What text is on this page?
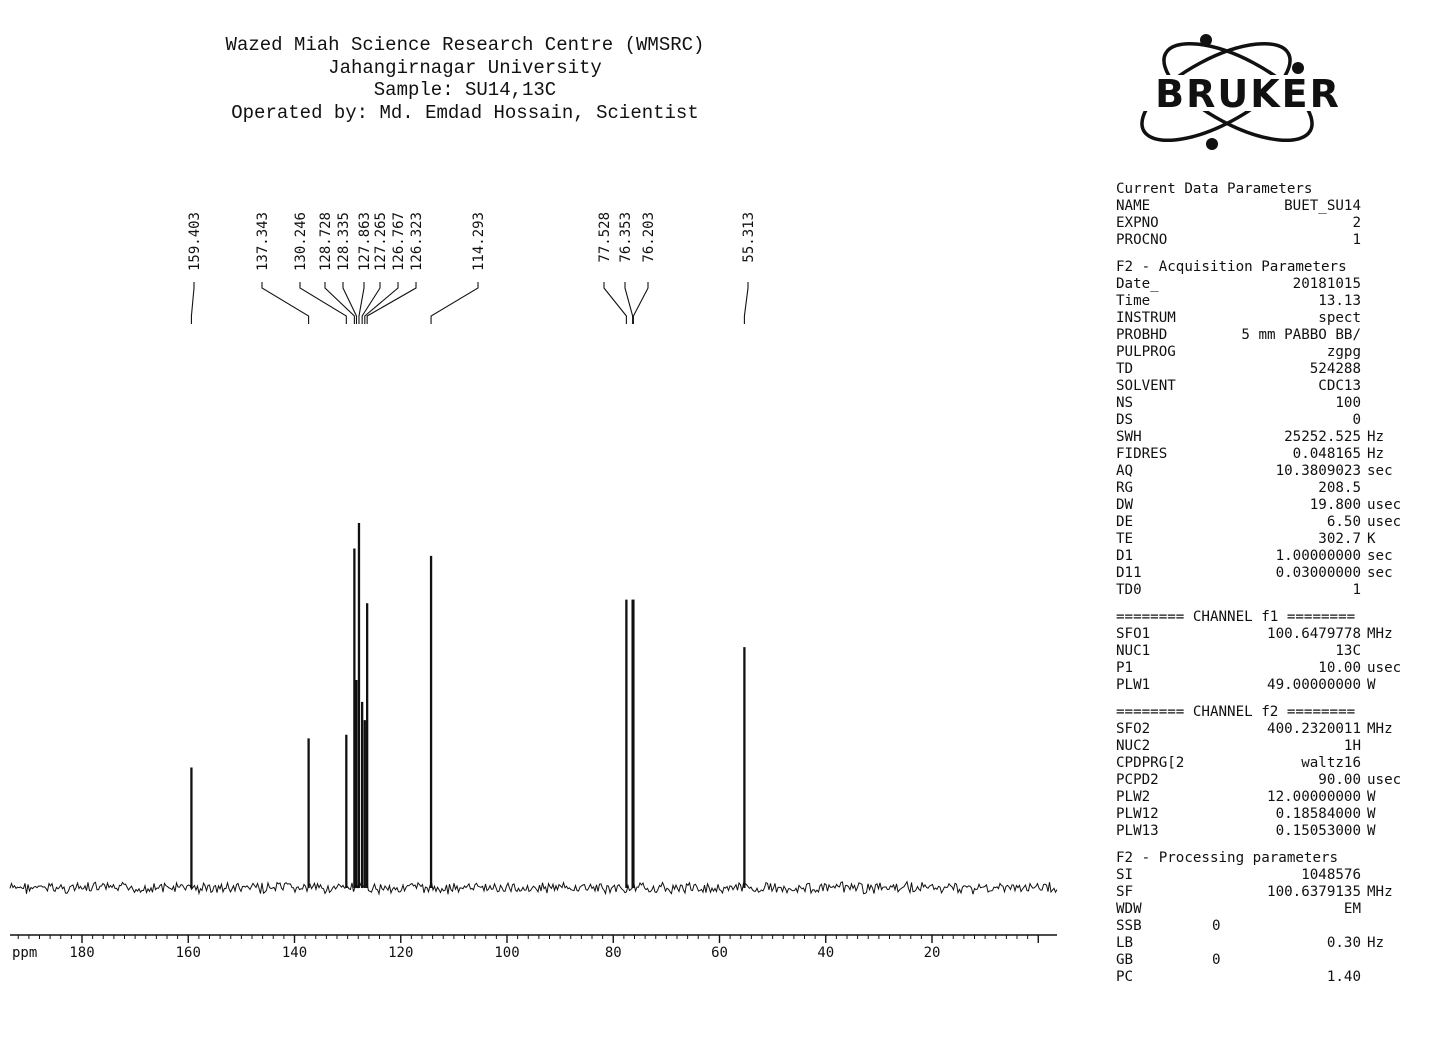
Wazed Miah Science Research Centre (WMSRC)
Jahangirnagar University
Sample: SU14,13C
Operated by: Md. Emdad Hossain, Scientist
159.403	137.343 130.246 128.728 128.335 127.863 127.265 126.767 126.323	114.293	77.528 76.353 76.203	55.313
ppm 180	160	140	120	100	80	60	40	20
BRUKER
Current Data Parameters
NAME	BUET_SU14
EXPNO	2
PROCNO	1
F2 - Acquisition Parameters
Date_	20181015
Time	13.13
INSTRUM	spect
PROBHD	5 mm PABBO BB/
PULPROG	zgpg
TD	524288
SOLVENT	CDC13
NS	100
DS	0
SWH	25252.525 Hz
FIDRES	0.048165 Hz
AQ	10.3809023 sec
RG	208.5
DW	19.800 usec
DE	6.50 usec
TE	302.7 K
D1	1.00000000 sec
D11	0.03000000 sec
TD0	1
======== CHANNEL f1 ========
SFO1	100.6479778 MHz
NUC1	13C
P1	10.00 usec
PLW1	49.00000000 W
======== CHANNEL f2 ========
SFO2	400.2320011 MHz
NUC2	1H
CPDPRG[2	waltz16
PCPD2	90.00 usec
PLW2	12.00000000 W
PLW12	0.18584000 W
PLW13	0.15053000 W
F2 - Processing parameters
SI	1048576
SF	100.6379135 MHz
WDW	EM
SSB	0
LB	0.30 Hz
GB	0
PC	1.40
